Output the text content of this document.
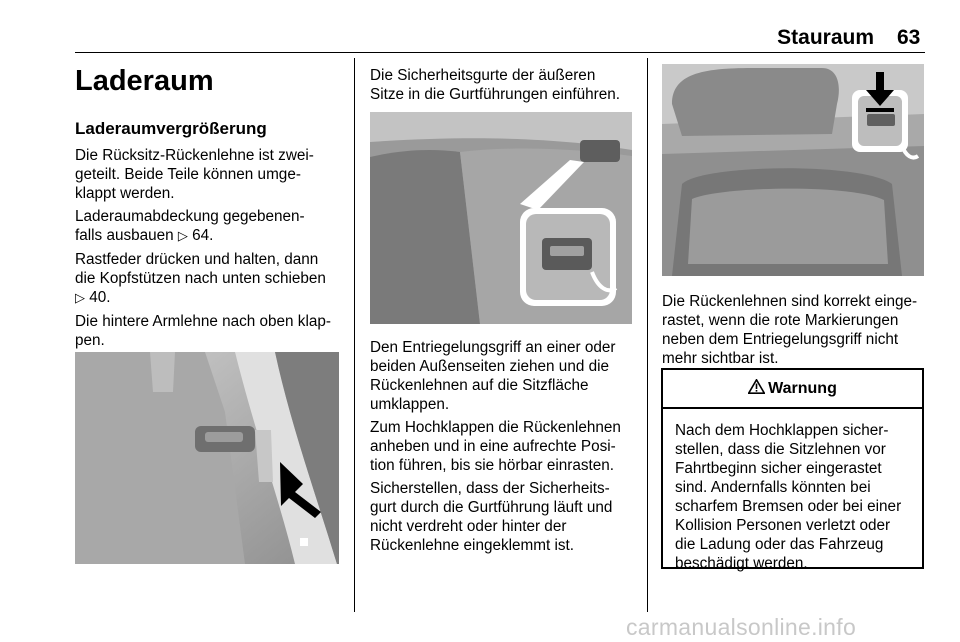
Stauraum 63
Laderaum
Laderaumvergrößerung
Die Rücksitz-Rückenlehne ist zwei-
geteilt. Beide Teile können umge-
klappt werden.
Laderaumabdeckung gegebenen-
falls ausbauen ▷ 64.
Rastfeder drücken und halten, dann
die Kopfstützen nach unten schieben
▷ 40.
Die hintere Armlehne nach oben klap-
pen.
Die Sicherheitsgurte der äußeren
Sitze in die Gurtführungen einführen.
Den Entriegelungsgriff an einer oder
beiden Außenseiten ziehen und die
Rückenlehnen auf die Sitzfläche
umklappen.
Zum Hochklappen die Rückenlehnen
anheben und in eine aufrechte Posi-
tion führen, bis sie hörbar einrasten.
Sicherstellen, dass der Sicherheits-
gurt durch die Gurtführung läuft und
nicht verdreht oder hinter der
Rückenlehne eingeklemmt ist.
Die Rückenlehnen sind korrekt einge-
rastet, wenn die rote Markierungen
neben dem Entriegelungsgriff nicht
mehr sichtbar ist.
Warnung
Nach dem Hochklappen sicher-
stellen, dass die Sitzlehnen vor
Fahrtbeginn sicher eingerastet
sind. Andernfalls könnten bei
scharfem Bremsen oder bei einer
Kollision Personen verletzt oder
die Ladung oder das Fahrzeug
beschädigt werden.
carmanualsonline.info
